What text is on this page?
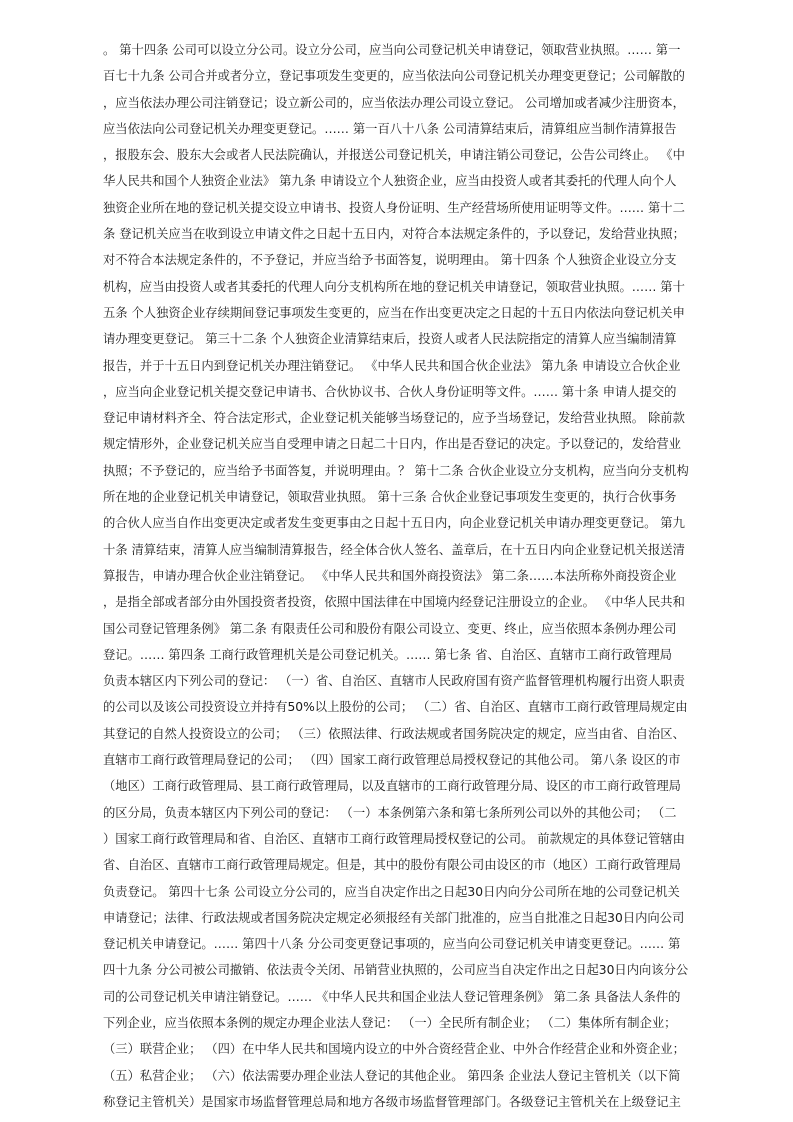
。 第十四条 公司可以设立分公司。设立分公司，应当向公司登记机关申请登记，领取营业执照。…… 第一
百七十九条 公司合并或者分立，登记事项发生变更的，应当依法向公司登记机关办理变更登记；公司解散的
，应当依法办理公司注销登记；设立新公司的，应当依法办理公司设立登记。 公司增加或者减少注册资本，
应当依法向公司登记机关办理变更登记。…… 第一百八十八条 公司清算结束后，清算组应当制作清算报告
，报股东会、股东大会或者人民法院确认，并报送公司登记机关，申请注销公司登记，公告公司终止。 《中
华人民共和国个人独资企业法》 第九条 申请设立个人独资企业，应当由投资人或者其委托的代理人向个人
独资企业所在地的登记机关提交设立申请书、投资人身份证明、生产经营场所使用证明等文件。…… 第十二
条 登记机关应当在收到设立申请文件之日起十五日内，对符合本法规定条件的，予以登记，发给营业执照；
对不符合本法规定条件的，不予登记，并应当给予书面答复，说明理由。 第十四条 个人独资企业设立分支
机构，应当由投资人或者其委托的代理人向分支机构所在地的登记机关申请登记，领取营业执照。…… 第十
五条 个人独资企业存续期间登记事项发生变更的，应当在作出变更决定之日起的十五日内依法向登记机关申
请办理变更登记。 第三十二条 个人独资企业清算结束后，投资人或者人民法院指定的清算人应当编制清算
报告，并于十五日内到登记机关办理注销登记。 《中华人民共和国合伙企业法》 第九条 申请设立合伙企业
，应当向企业登记机关提交登记申请书、合伙协议书、合伙人身份证明等文件。…… 第十条 申请人提交的
登记申请材料齐全、符合法定形式，企业登记机关能够当场登记的，应予当场登记，发给营业执照。 除前款
规定情形外，企业登记机关应当自受理申请之日起二十日内，作出是否登记的决定。予以登记的，发给营业
执照；不予登记的，应当给予书面答复，并说明理由。？ 第十二条 合伙企业设立分支机构，应当向分支机构
所在地的企业登记机关申请登记，领取营业执照。 第十三条 合伙企业登记事项发生变更的，执行合伙事务
的合伙人应当自作出变更决定或者发生变更事由之日起十五日内，向企业登记机关申请办理变更登记。 第九
十条 清算结束，清算人应当编制清算报告，经全体合伙人签名、盖章后，在十五日内向企业登记机关报送清
算报告，申请办理合伙企业注销登记。 《中华人民共和国外商投资法》 第二条……本法所称外商投资企业
，是指全部或者部分由外国投资者投资，依照中国法律在中国境内经登记注册设立的企业。 《中华人民共和
国公司登记管理条例》 第二条 有限责任公司和股份有限公司设立、变更、终止，应当依照本条例办理公司
登记。…… 第四条 工商行政管理机关是公司登记机关。…… 第七条 省、自治区、直辖市工商行政管理局
负责本辖区内下列公司的登记： （一）省、自治区、直辖市人民政府国有资产监督管理机构履行出资人职责
的公司以及该公司投资设立并持有50%以上股份的公司； （二）省、自治区、直辖市工商行政管理局规定由
其登记的自然人投资设立的公司； （三）依照法律、行政法规或者国务院决定的规定，应当由省、自治区、
直辖市工商行政管理局登记的公司； （四）国家工商行政管理总局授权登记的其他公司。 第八条 设区的市
（地区）工商行政管理局、县工商行政管理局，以及直辖市的工商行政管理分局、设区的市工商行政管理局
的区分局，负责本辖区内下列公司的登记： （一）本条例第六条和第七条所列公司以外的其他公司； （二
）国家工商行政管理局和省、自治区、直辖市工商行政管理局授权登记的公司。 前款规定的具体登记管辖由
省、自治区、直辖市工商行政管理局规定。但是，其中的股份有限公司由设区的市（地区）工商行政管理局
负责登记。 第四十七条 公司设立分公司的，应当自决定作出之日起30日内向分公司所在地的公司登记机关
申请登记；法律、行政法规或者国务院决定规定必须报经有关部门批准的，应当自批准之日起30日内向公司
登记机关申请登记。…… 第四十八条 分公司变更登记事项的，应当向公司登记机关申请变更登记。…… 第
四十九条 分公司被公司撤销、依法责令关闭、吊销营业执照的，公司应当自决定作出之日起30日内向该分公
司的公司登记机关申请注销登记。…… 《中华人民共和国企业法人登记管理条例》 第二条 具备法人条件的
下列企业，应当依照本条例的规定办理企业法人登记： （一）全民所有制企业； （二）集体所有制企业；
（三）联营企业； （四）在中华人民共和国境内设立的中外合资经营企业、中外合作经营企业和外资企业；
（五）私营企业； （六）依法需要办理企业法人登记的其他企业。 第四条 企业法人登记主管机关（以下简
称登记主管机关）是国家市场监督管理总局和地方各级市场监督管理部门。各级登记主管机关在上级登记主
